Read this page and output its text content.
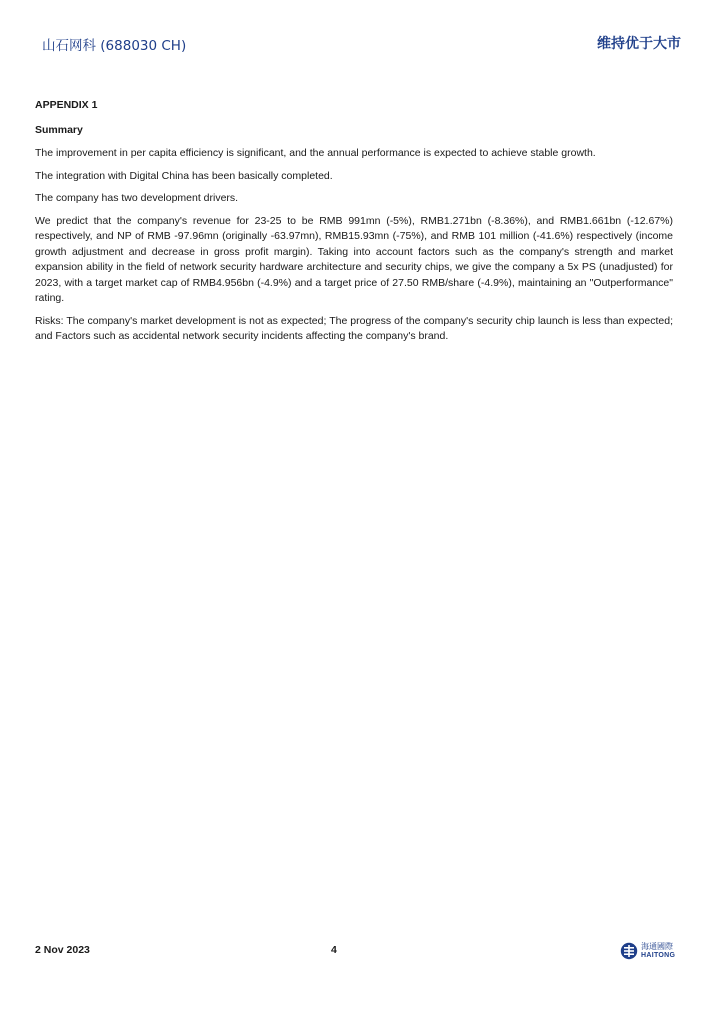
山石网科 (688030 CH)	维持优于大市
APPENDIX 1
Summary

The improvement in per capita efficiency is significant, and the annual performance is expected to achieve stable growth.

The integration with Digital China has been basically completed.

The company has two development drivers.

We predict that the company's revenue for 23-25 to be RMB 991mn (-5%), RMB1.271bn (-8.36%), and RMB1.661bn (-12.67%) respectively, and NP of RMB -97.96mn (originally -63.97mn), RMB15.93mn (-75%), and RMB 101 million (-41.6%) respectively (income growth adjustment and decrease in gross profit margin). Taking into account factors such as the company's strength and market expansion ability in the field of network security hardware architecture and security chips, we give the company a 5x PS (unadjusted) for 2023, with a target market cap of RMB4.956bn (-4.9%) and a target price of 27.50 RMB/share (-4.9%), maintaining an "Outperformance" rating.

Risks: The company's market development is not as expected; The progress of the company's security chip launch is less than expected; and Factors such as accidental network security incidents affecting the company's brand.

2 Nov 2023	4	海通國際
HAITONG
